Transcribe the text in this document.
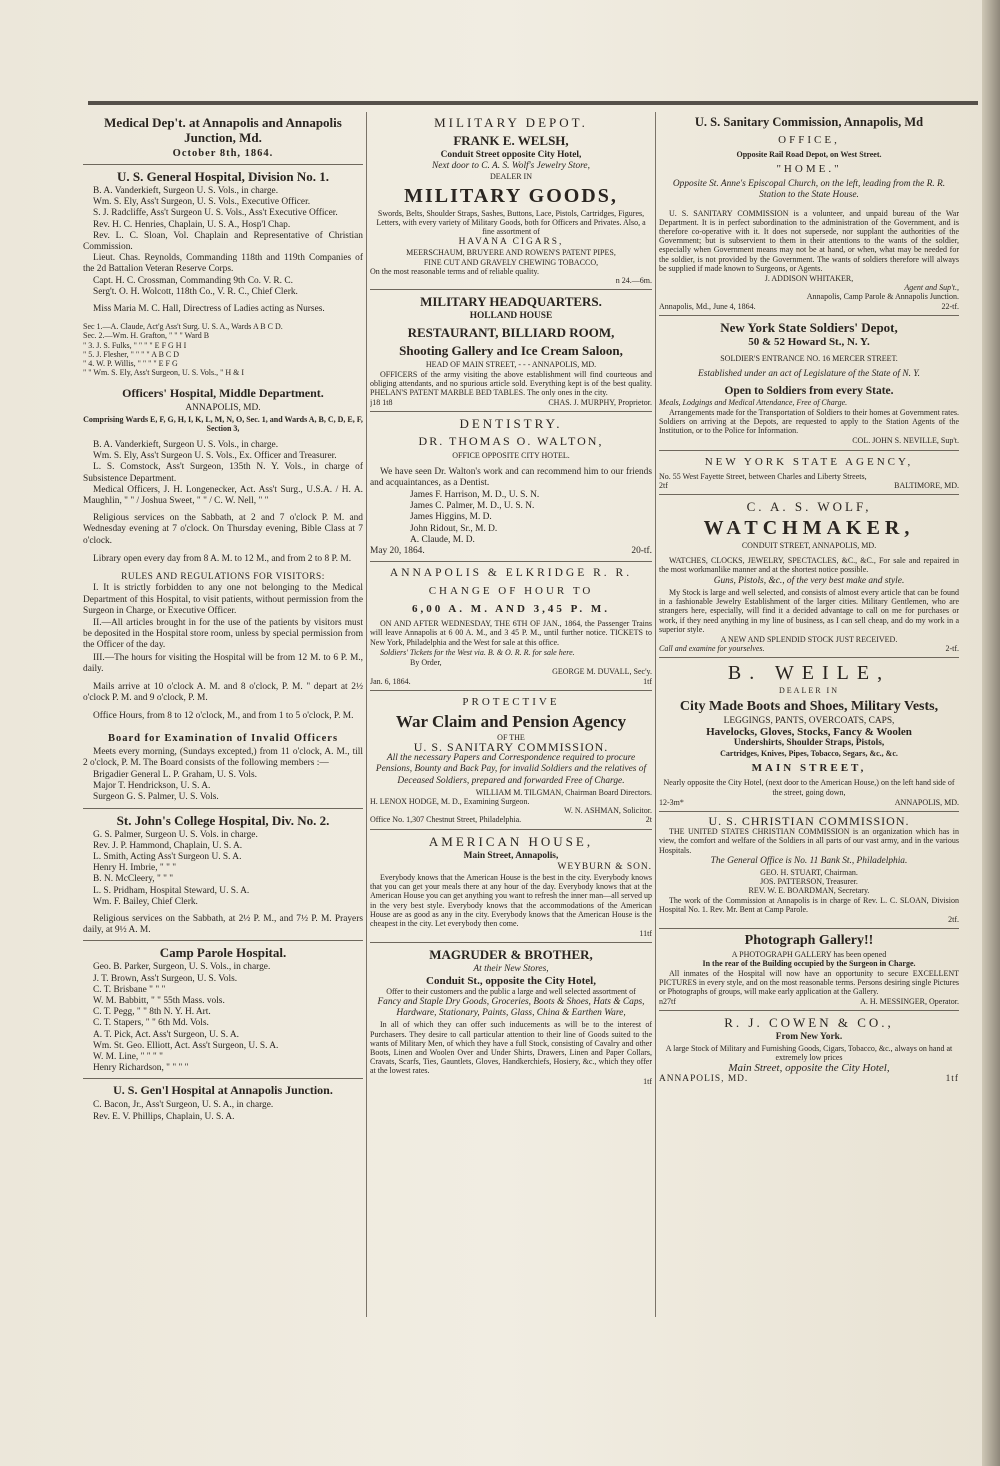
Medical Dep't. at Annapolis and Annapolis Junction, Md.
October 8th, 1864.
U. S. General Hospital, Division No. 1.
B. A. Vanderkieft, Surgeon U. S. Vols., in charge.
Wm. S. Ely, Ass't Surgeon, U. S. Vols., Executive Officer.
S. J. Radcliffe, Ass't Surgeon U. S. Vols., Ass't Executive Officer.
Rev. H. C. Henries, Chaplain, U. S. A., Hosp'l Chap.
Rev. L. C. Sloan, Vol. Chaplain and Representative of Christian Commission.
Lieut. Chas. Reynolds, Commanding 118th and 119th Companies of the 2d Battalion Veteran Reserve Corps.
Capt. H. C. Crossman, Commanding 9th Co. V. R. C.
Serg't. O. H. Wolcott, 118th Co., V. R. C., Chief Clerk.

Miss Maria M. C. Hall, Directress of Ladies acting as Nurses.

Sec 1.—A. Claude, Act'g Ass't Surg. U. S. A., Wards A B C D.
Sec. 2.—Wm. H. Grafton, " " " Ward B
" 3. J. S. Fulks, " " " " E F G H I
" 5. J. Flesher, " " " " A B C D
" 4. W. P. Willis, " " " " E F G
" " Wm. S. Ely, Ass't Surgeon, U. S. Vols., " H & I
Officers' Hospital, Middle Department.
ANNAPOLIS, MD.

Comprising Wards E, F, G, H, I, K, L, M, N, O, Sec. 1, and Wards A, B, C, D, E, F, Section 3,

B. A. Vanderkieft, Surgeon U. S. Vols., in charge.
Wm. S. Ely, Ass't Surgeon U. S. Vols., Ex. Officer and Treasurer.
L. S. Comstock, Ass't Surgeon, 135th N. Y. Vols., in charge of Subsistence Department.
Medical Officers, J. H. Longenecker, Act. Ass't Surg., U.S.A. / H. A. Maughlin, " " / Joshua Sweet, " " / C. W. Nell, " "

Religious services on the Sabbath, at 2 and 7 o'clock P. M. and Wednesday evening at 7 o'clock. On Thursday evening, Bible Class at 7 o'clock.

Library open every day from 8 A. M. to 12 M., and from 2 to 8 P. M.

RULES AND REGULATIONS FOR VISITORS:

I. It is strictly forbidden to any one not belonging to the Medical Department of this Hospital, to visit patients, without permission from the Surgeon in Charge, or Executive Officer.

II.—All articles brought in for the use of the patients by visitors must be deposited in the Hospital store room, unless by special permission from the Officer of the day.

III.—The hours for visiting the Hospital will be from 12 M. to 6 P. M., daily.

Mails arrive at 10 o'clock A. M. and 8 o'clock, P. M. " depart at 2½ o'clock P. M. and 9 o'clock, P. M.

Office Hours, from 8 to 12 o'clock, M., and from 1 to 5 o'clock, P. M.

Board for Examination of Invalid Officers

Meets every morning, (Sundays excepted,) from 11 o'clock, A. M., till 2 o'clock, P. M. The Board consists of the following members :—

Brigadier General L. P. Graham, U. S. Vols.
Major T. Hendrickson, U. S. A.
Surgeon G. S. Palmer, U. S. Vols.
St. John's College Hospital, Div. No. 2.
G. S. Palmer, Surgeon U. S. Vols. in charge.
Rev. J. P. Hammond, Chaplain, U. S. A.
L. Smith, Acting Ass't Surgeon U. S. A.
Henry H. Imbrie, " " "
B. N. McCleery, " " "
L. S. Pridham, Hospital Steward, U. S. A.
Wm. F. Bailey, Chief Clerk.

Religious services on the Sabbath, at 2½ P. M., and 7½ P. M. Prayers daily, at 9½ A. M.

Camp Parole Hospital.
Geo. B. Parker, Surgeon, U. S. Vols., in charge.
J. T. Brown, Ass't Surgeon, U. S. Vols.
C. T. Brisbane " " "
W. M. Babbitt, " " 55th Mass. vols.
C. T. Pegg, " " 8th N. Y. H. Art.
C. T. Stapers, " " 6th Md. Vols.
A. T. Pick, Act. Ass't Surgeon, U. S. A.
Wm. St. Geo. Elliott, Act. Ass't Surgeon, U. S. A.
W. M. Line, " " " "
Henry Richardson, " " " "
U. S. Gen'l Hospital at Annapolis Junction.
C. Bacon, Jr., Ass't Surgeon, U. S. A., in charge.
Rev. E. V. Phillips, Chaplain, U. S. A.
MILITARY DEPOT.
FRANK E. WELSH,
Conduit Street opposite City Hotel,
Next door to C. A. S. Wolf's Jewelry Store,
DEALER IN
MILITARY GOODS,

Swords, Belts, Shoulder Straps, Sashes, Buttons, Lace, Pistols, Cartridges, Figures, Letters, with every variety of Military Goods, both for Officers and Privates. Also, a fine assortment of

HAVANA CIGARS,
MEERSCHAUM, BRUYERE AND ROWEN'S PATENT PIPES,
FINE CUT AND GRAVELY CHEWING TOBACCO,
On the most reasonable terms and of reliable quality.
n 24.—6m.
MILITARY HEADQUARTERS.
HOLLAND HOUSE
RESTAURANT, BILLIARD ROOM,
Shooting Gallery and Ice Cream Saloon,
HEAD OF MAIN STREET, - - - ANNAPOLIS, MD.

OFFICERS of the army visiting the above establishment will find courteous and obliging attendants, and no spurious article sold. Everything kept is of the best quality. PHELAN'S PATENT MARBLE BED TABLES. The only ones in the city.

j18 1t8	CHAS. J. MURPHY, Proprietor.
DENTISTRY.
DR. THOMAS O. WALTON,
OFFICE OPPOSITE CITY HOTEL.

We have seen Dr. Walton's work and can recommend him to our friends and acquaintances, as a Dentist.

James F. Harrison, M. D., U. S. N.
James C. Palmer, M. D., U. S. N.
James Higgins, M. D.
John Ridout, Sr., M. D.
A. Claude, M. D.
May 20, 1864.	20-tf.
ANNAPOLIS & ELKRIDGE R. R.
CHANGE OF HOUR TO
6,00 A. M. AND 3,45 P. M.

ON AND AFTER WEDNESDAY, THE 6TH OF JAN., 1864, the Passenger Trains will leave Annapolis at 6 00 A. M., and 3 45 P. M., until further notice. TICKETS to New York, Philadelphia and the West for sale at this office.

Soldiers' Tickets for the West via. B. & O. R. R. for sale here.

By Order,
GEORGE M. DUVALL, Sec'y.
Jan. 6, 1864.	1tf
PROTECTIVE
War Claim and Pension Agency
OF THE
U. S. SANITARY COMMISSION.

All the necessary Papers and Correspondence required to procure Pensions, Bounty and Back Pay, for invalid Soldiers and the relatives of Deceased Soldiers, prepared and forwarded Free of Charge.

WILLIAM M. TILGMAN, Chairman Board Directors.
H. LENOX HODGE, M. D., Examining Surgeon.
W. N. ASHMAN, Solicitor.
Office No. 1,307 Chestnut Street, Philadelphia.	2t
AMERICAN HOUSE,
Main Street, Annapolis,
WEYBURN & SON.

Everybody knows that the American House is the best in the city. Everybody knows that you can get your meals there at any hour of the day. Everybody knows that at the American House you can get anything you want to refresh the inner man—all served up in the very best style. Everybody knows that the accommodations of the American House are as good as any in the city. Everybody knows that the American House is the cheapest in the city. Let everybody then come.

11tf
MAGRUDER & BROTHER,
At their New Stores,
Conduit St., opposite the City Hotel,

Offer to their customers and the public a large and well selected assortment of

Fancy and Staple Dry Goods, Groceries, Boots & Shoes, Hats & Caps, Hardware, Stationary, Paints, Glass, China & Earthen Ware,

In all of which they can offer such inducements as will be to the interest of Purchasers. They desire to call particular attention to their line of Goods suited to the wants of Military Men, of which they have a full Stock, consisting of Cavalry and other Boots, Linen and Woolen Over and Under Shirts, Drawers, Linen and Paper Collars, Cravats, Scarfs, Ties, Gauntlets, Gloves, Handkerchiefs, Hosiery, &c., which they offer at the lowest rates.

1tf
U. S. Sanitary Commission, Annapolis, Md
OFFICE,
Opposite Rail Road Depot, on West Street.
"HOME."

Opposite St. Anne's Episcopal Church, on the left, leading from the R. R. Station to the State House.

U. S. SANITARY COMMISSION is a volunteer, and unpaid bureau of the War Department. It is in perfect subordination to the administration of the Government, and is therefore co-operative with it. It does not supersede, nor supplant the authorities of the Government; but is subservient to them in their attentions to the wants of the soldier, especially when Government means may not be at hand, or when, what may be needed for the soldier, is not provided by the Government. The wants of soldiers therefore will always be supplied if made known to Surgeons, or Agents.

J. ADDISON WHITAKER,
Agent and Sup't.,
Annapolis, Camp Parole & Annapolis Junction.
Annapolis, Md., June 4, 1864.	22-tf.
New York State Soldiers' Depot,
50 & 52 Howard St., N. Y.
SOLDIER'S ENTRANCE NO. 16 MERCER STREET.
Established under an act of Legislature of the State of N. Y.
Open to Soldiers from every State.

Meals, Lodgings and Medical Attendance, Free of Charge.

Arrangements made for the Transportation of Soldiers to their homes at Government rates. Soldiers on arriving at the Depots, are requested to apply to the Station Agents of the Institution, or to the Police for Information.

COL. JOHN S. NEVILLE, Sup't.
NEW YORK STATE AGENCY,
No. 55 West Fayette Street, between Charles and Liberty Streets,
2tf	BALTIMORE, MD.
C. A. S. WOLF,
WATCHMAKER,
CONDUIT STREET, ANNAPOLIS, MD.

WATCHES, CLOCKS, JEWELRY, SPECTACLES, &C., &C., For sale and repaired in the most workmanlike manner and at the shortest notice possible.

Guns, Pistols, &c., of the very best make and style.

My Stock is large and well selected, and consists of almost every article that can be found in a fashionable Jewelry Establishment of the larger cities. Military Gentlemen, who are strangers here, especially, will find it a decided advantage to call on me for purchases or work, if they need anything in my line of business, as I can sell cheap, and do my work in a superior style.

A NEW AND SPLENDID STOCK JUST RECEIVED.
Call and examine for yourselves.	2-tf.
B. WEILE,
DEALER IN
City Made Boots and Shoes, Military Vests,
LEGGINGS, PANTS, OVERCOATS, CAPS,
Havelocks, Gloves, Stocks, Fancy & Woolen
Undershirts, Shoulder Straps, Pistols,
Cartridges, Knives, Pipes, Tobacco, Segars, &c., &c.
MAIN STREET,

Nearly opposite the City Hotel, (next door to the American House,) on the left hand side of the street, going down,

12-3m*	ANNAPOLIS, MD.
U. S. CHRISTIAN COMMISSION.

THE UNITED STATES CHRISTIAN COMMISSION is an organization which has in view, the comfort and welfare of the Soldiers in all parts of our vast army, and in the various Hospitals.

The General Office is No. 11 Bank St., Philadelphia.

GEO. H. STUART, Chairman.
JOS. PATTERSON, Treasurer.
REV. W. E. BOARDMAN, Secretary.

The work of the Commission at Annapolis is in charge of Rev. L. C. SLOAN, Division Hospital No. 1. Rev. Mr. Bent at Camp Parole.

2tf.
Photograph Gallery!!
A PHOTOGRAPH GALLERY has been opened
In the rear of the Building occupied by the Surgeon in Charge.

All inmates of the Hospital will now have an opportunity to secure EXCELLENT PICTURES in every style, and on the most reasonable terms. Persons desiring single Pictures or Photographs of groups, will make early application at the Gallery.

n27tf	A. H. MESSINGER, Operator.
R. J. COWEN & CO.,
From New York.

A large Stock of Military and Furnishing Goods, Cigars, Tobacco, &c., always on hand at extremely low prices

Main Street, opposite the City Hotel,
ANNAPOLIS, MD.	1tf
